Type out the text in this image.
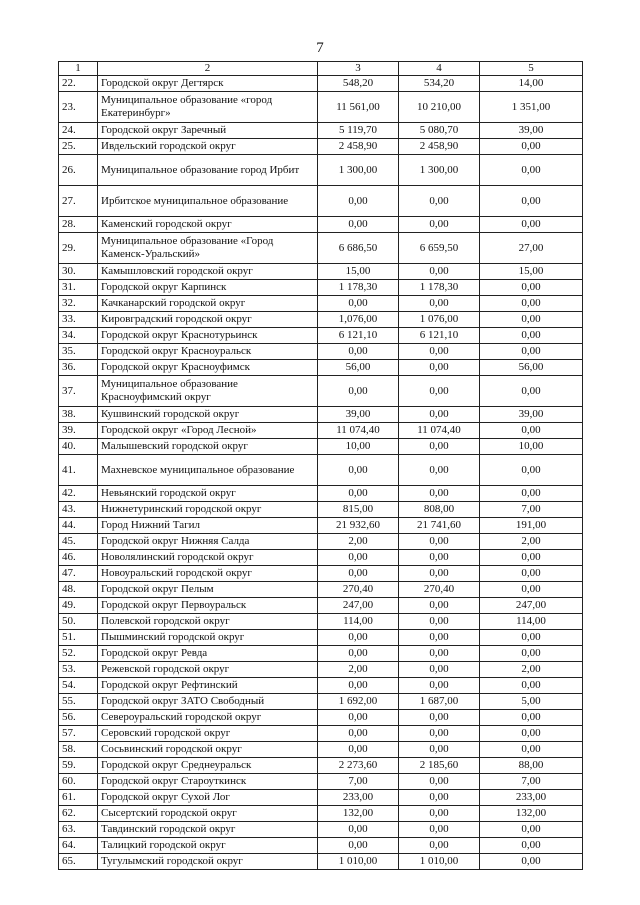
7
1	2	3	4	5
22.	Городской округ Дегтярск	548,20	534,20	14,00
23.	Муниципальное образование «город Екатеринбург»	11 561,00	10 210,00	1 351,00
24.	Городской округ Заречный	5 119,70	5 080,70	39,00
25.	Ивдельский городской округ	2 458,90	2 458,90	0,00
26.	Муниципальное образование город Ирбит	1 300,00	1 300,00	0,00
27.	Ирбитское муниципальное образование	0,00	0,00	0,00
28.	Каменский городской округ	0,00	0,00	0,00
29.	Муниципальное образование «Город Каменск-Уральский»	6 686,50	6 659,50	27,00
30.	Камышловский городской округ	15,00	0,00	15,00
31.	Городской округ Карпинск	1 178,30	1 178,30	0,00
32.	Качканарский городской округ	0,00	0,00	0,00
33.	Кировградский городской округ	1,076,00	1 076,00	0,00
34.	Городской округ Краснотурьинск	6 121,10	6 121,10	0,00
35.	Городской округ Красноуральск	0,00	0,00	0,00
36.	Городской округ Красноуфимск	56,00	0,00	56,00
37.	Муниципальное образование Красноуфимский округ	0,00	0,00	0,00
38.	Кушвинский городской округ	39,00	0,00	39,00
39.	Городской округ «Город Лесной»	11 074,40	11 074,40	0,00
40.	Малышевский городской округ	10,00	0,00	10,00
41.	Махневское муниципальное образование	0,00	0,00	0,00
42.	Невьянский городской округ	0,00	0,00	0,00
43.	Нижнетуринский городской округ	815,00	808,00	7,00
44.	Город Нижний Тагил	21 932,60	21 741,60	191,00
45.	Городской округ Нижняя Салда	2,00	0,00	2,00
46.	Новолялинский городской округ	0,00	0,00	0,00
47.	Новоуральский городской округ	0,00	0,00	0,00
48.	Городской округ Пелым	270,40	270,40	0,00
49.	Городской округ Первоуральск	247,00	0,00	247,00
50.	Полевской городской округ	114,00	0,00	114,00
51.	Пышминский городской округ	0,00	0,00	0,00
52.	Городской округ Ревда	0,00	0,00	0,00
53.	Режевской городской округ	2,00	0,00	2,00
54.	Городской округ Рефтинский	0,00	0,00	0,00
55.	Городской округ ЗАТО Свободный	1 692,00	1 687,00	5,00
56.	Североуральский городской округ	0,00	0,00	0,00
57.	Серовский городской округ	0,00	0,00	0,00
58.	Сосьвинский городской округ	0,00	0,00	0,00
59.	Городской округ Среднеуральск	2 273,60	2 185,60	88,00
60.	Городской округ Староуткинск	7,00	0,00	7,00
61.	Городской округ Сухой Лог	233,00	0,00	233,00
62.	Сысертский городской округ	132,00	0,00	132,00
63.	Тавдинский городской округ	0,00	0,00	0,00
64.	Талицкий городской округ	0,00	0,00	0,00
65.	Тугулымский городской округ	1 010,00	1 010,00	0,00
